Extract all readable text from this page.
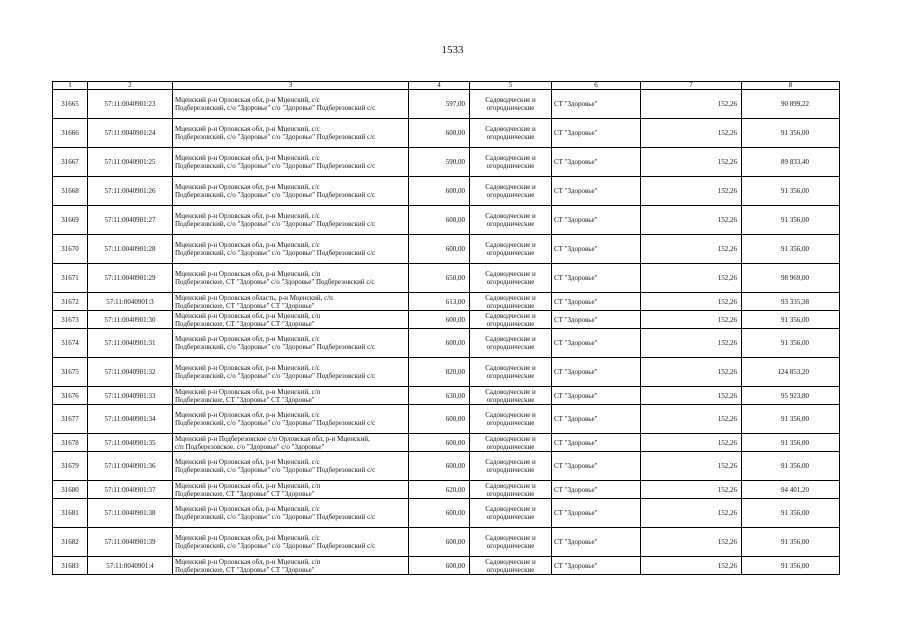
1533
1	2	3	4	5	6	7	8
31665	57:11:0040901:23	Мценский р-н Орловская обл, р-н Мценский, с/с
Подберезовский, с/о "Здоровье" с/о "Здоровье" Подберезовский с/с	597,00	Садоводческие и
огороднические	СТ "Здоровье"	152,26	90 899,22
31666	57:11:0040901:24	Мценский р-н Орловская обл, р-н Мценский, с/с
Подберезовский, с/о "Здоровье" с/о "Здоровье" Подберезовский с/с	600,00	Садоводческие и
огороднические	СТ "Здоровье"	152,26	91 356,00
31667	57:11:0040901:25	Мценский р-н Орловская обл, р-н Мценский, с/с
Подберезовский, с/о "Здоровье" с/о "Здоровье" Подберезовский с/с	590,00	Садоводческие и
огороднические	СТ "Здоровье"	152,26	89 833,40
31668	57:11:0040901:26	Мценский р-н Орловская обл, р-н Мценский, с/с
Подберезовский, с/о "Здоровье" с/о "Здоровье" Подберезовский с/с	600,00	Садоводческие и
огороднические	СТ "Здоровье"	152,26	91 356,00
31669	57:11:0040901:27	Мценский р-н Орловская обл, р-н Мценский, с/с
Подберезовский, с/о "Здоровье" с/о "Здоровье" Подберезовский с/с	600,00	Садоводческие и
огороднические	СТ "Здоровье"	152,26	91 356,00
31670	57:11:0040901:28	Мценский р-н Орловская обл, р-н Мценский, с/с
Подберезовский, с/о "Здоровье" с/о "Здоровье" Подберезовский с/с	600,00	Садоводческие и
огороднические	СТ "Здоровье"	152,26	91 356,00
31671	57:11:0040901:29	Мценский р-н Орловская обл, р-н Мценский, с/п
Подберезовское, СТ "Здоровье" с/о "Здоровье" Подберезовский с/с	650,00	Садоводческие и
огороднические	СТ "Здоровье"	152,26	98 969,00
31672	57:11:0040901:3	Мценский р-н Орловская область, р-н Мценский, с/п
Подберезовское, СТ "Здоровье" СТ "Здоровье"	613,00	Садоводческие и
огороднические	СТ "Здоровье"	152,26	93 335,38
31673	57:11:0040901:30	Мценский р-н Орловская обл, р-н Мценский, с/п
Подберезовское, СТ "Здоровье" СТ "Здоровье"	600,00	Садоводческие и
огороднические	СТ "Здоровье"	152,26	91 356,00
31674	57:11:0040901:31	Мценский р-н Орловская обл, р-н Мценский, с/с
Подберезовский, с/о "Здоровье" с/о "Здоровье" Подберезовский с/с	600,00	Садоводческие и
огороднические	СТ "Здоровье"	152,26	91 356,00
31675	57:11:0040901:32	Мценский р-н Орловская обл, р-н Мценский, с/с
Подберезовский, с/о "Здоровье" с/о "Здоровье" Подберезовский с/с	820,00	Садоводческие и
огороднические	СТ "Здоровье"	152,26	124 853,20
31676	57:11:0040901:33	Мценский р-н Орловская обл, р-н Мценский, с/п
Подберезовское, СТ "Здоровье" СТ "Здоровье"	630,00	Садоводческие и
огороднические	СТ "Здоровье"	152,26	95 923,80
31677	57:11:0040901:34	Мценский р-н Орловская обл, р-н Мценский, с/с
Подберезовский, с/о "Здоровье" с/о "Здоровье" Подберезовский с/с	600,00	Садоводческие и
огороднические	СТ "Здоровье"	152,26	91 356,00
31678	57:11:0040901:35	Мценский р-н Подберезовское с/п Орловская обл, р-н Мценский,
с/п Подберезовское, с/о "Здоровье" с/о "Здоровье"	600,00	Садоводческие и
огороднические	СТ "Здоровье"	152,26	91 356,00
31679	57:11:0040901:36	Мценский р-н Орловская обл, р-н Мценский, с/с
Подберезовский, с/о "Здоровье" с/о "Здоровье" Подберезовский с/с	600,00	Садоводческие и
огороднические	СТ "Здоровье"	152,26	91 356,00
31680	57:11:0040901:37	Мценский р-н Орловская обл, р-н Мценский, с/п
Подберезовское, СТ "Здоровье" СТ "Здоровье"	620,00	Садоводческие и
огороднические	СТ "Здоровье"	152,26	94 401,20
31681	57:11:0040901:38	Мценский р-н Орловская обл, р-н Мценский, с/с
Подберезовский, с/о "Здоровье" с/о "Здоровье" Подберезовский с/с	600,00	Садоводческие и
огороднические	СТ "Здоровье"	152,26	91 356,00
31682	57:11:0040901:39	Мценский р-н Орловская обл, р-н Мценский, с/с
Подберезовский, с/о "Здоровье" с/о "Здоровье" Подберезовский с/с	600,00	Садоводческие и
огороднические	СТ "Здоровье"	152,26	91 356,00
31683	57:11:0040901:4	Мценский р-н Орловская обл, р-н Мценский, с/п
Подберезовское, СТ "Здоровье" СТ "Здоровье"	600,00	Садоводческие и
огороднические	СТ "Здоровье"	152,26	91 356,00
